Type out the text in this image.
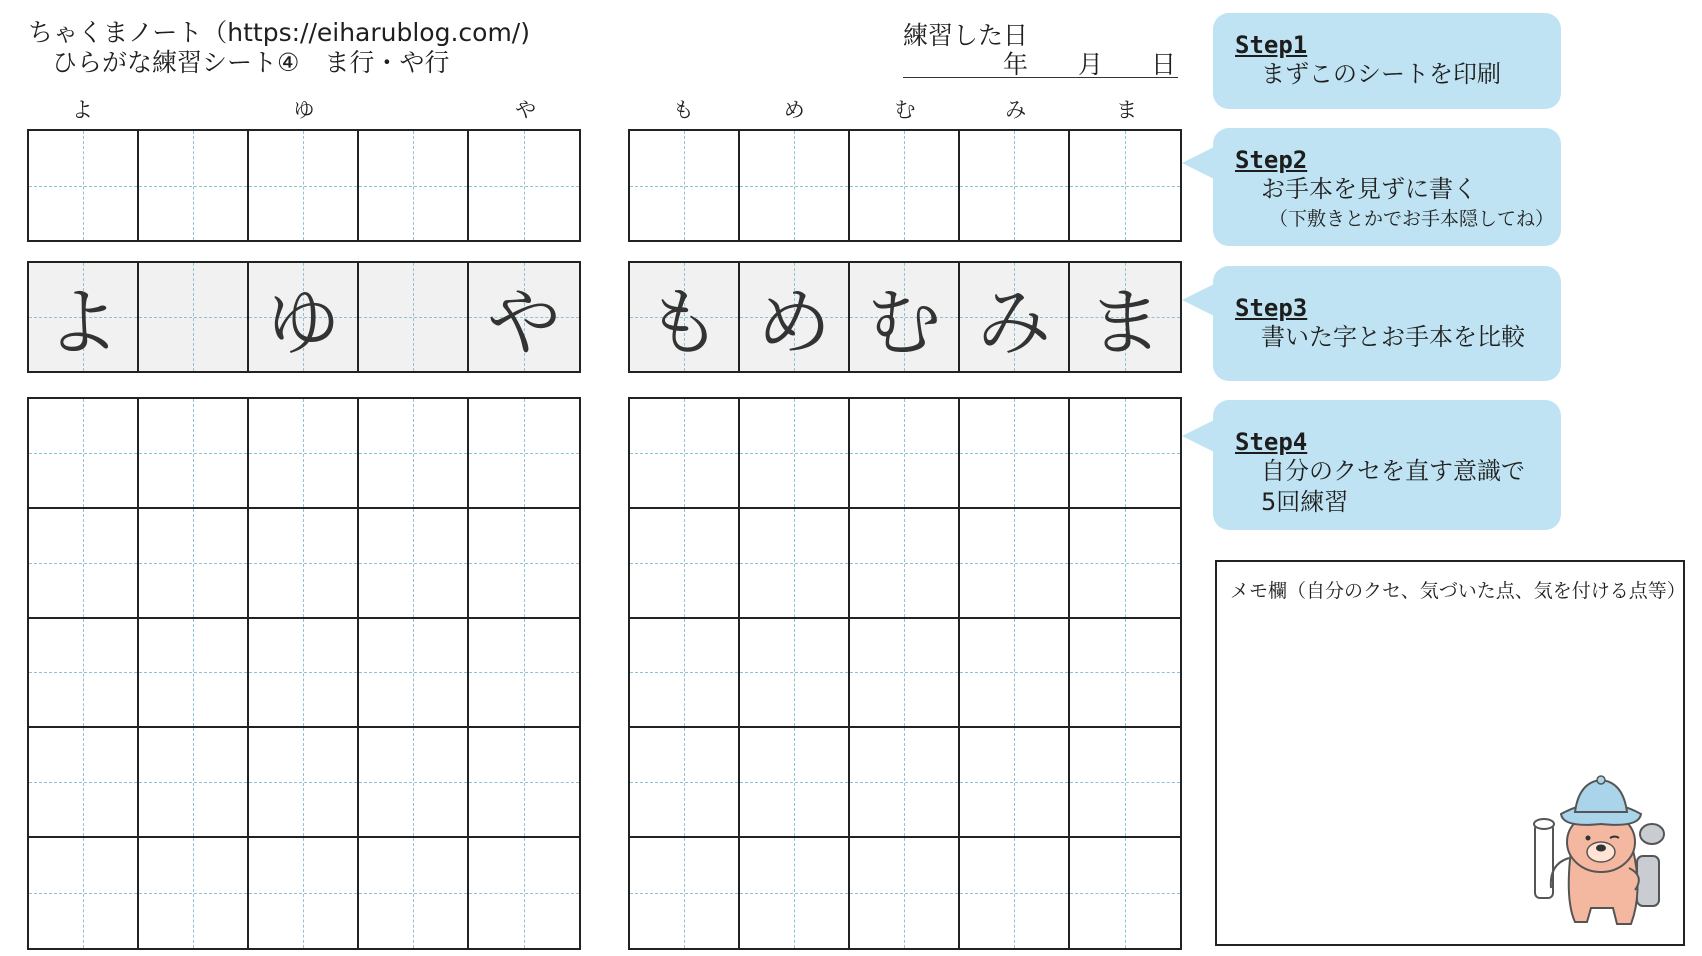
ちゃくまノート（https://eiharublog.com/)
ひらがな練習シート④　ま行・や行
練習した日
年 月 日
よ ゆ や も め む み ま
Step1
まずこのシートを印刷
Step2
お手本を見ずに書く
（下敷きとかでお手本隠してね）
Step3
書いた字とお手本を比較
Step4
自分のクセを直す意識で
5回練習
メモ欄（自分のクセ、気づいた点、気を付ける点等）
よ	ゆ	や	も	め	む	み	ま
